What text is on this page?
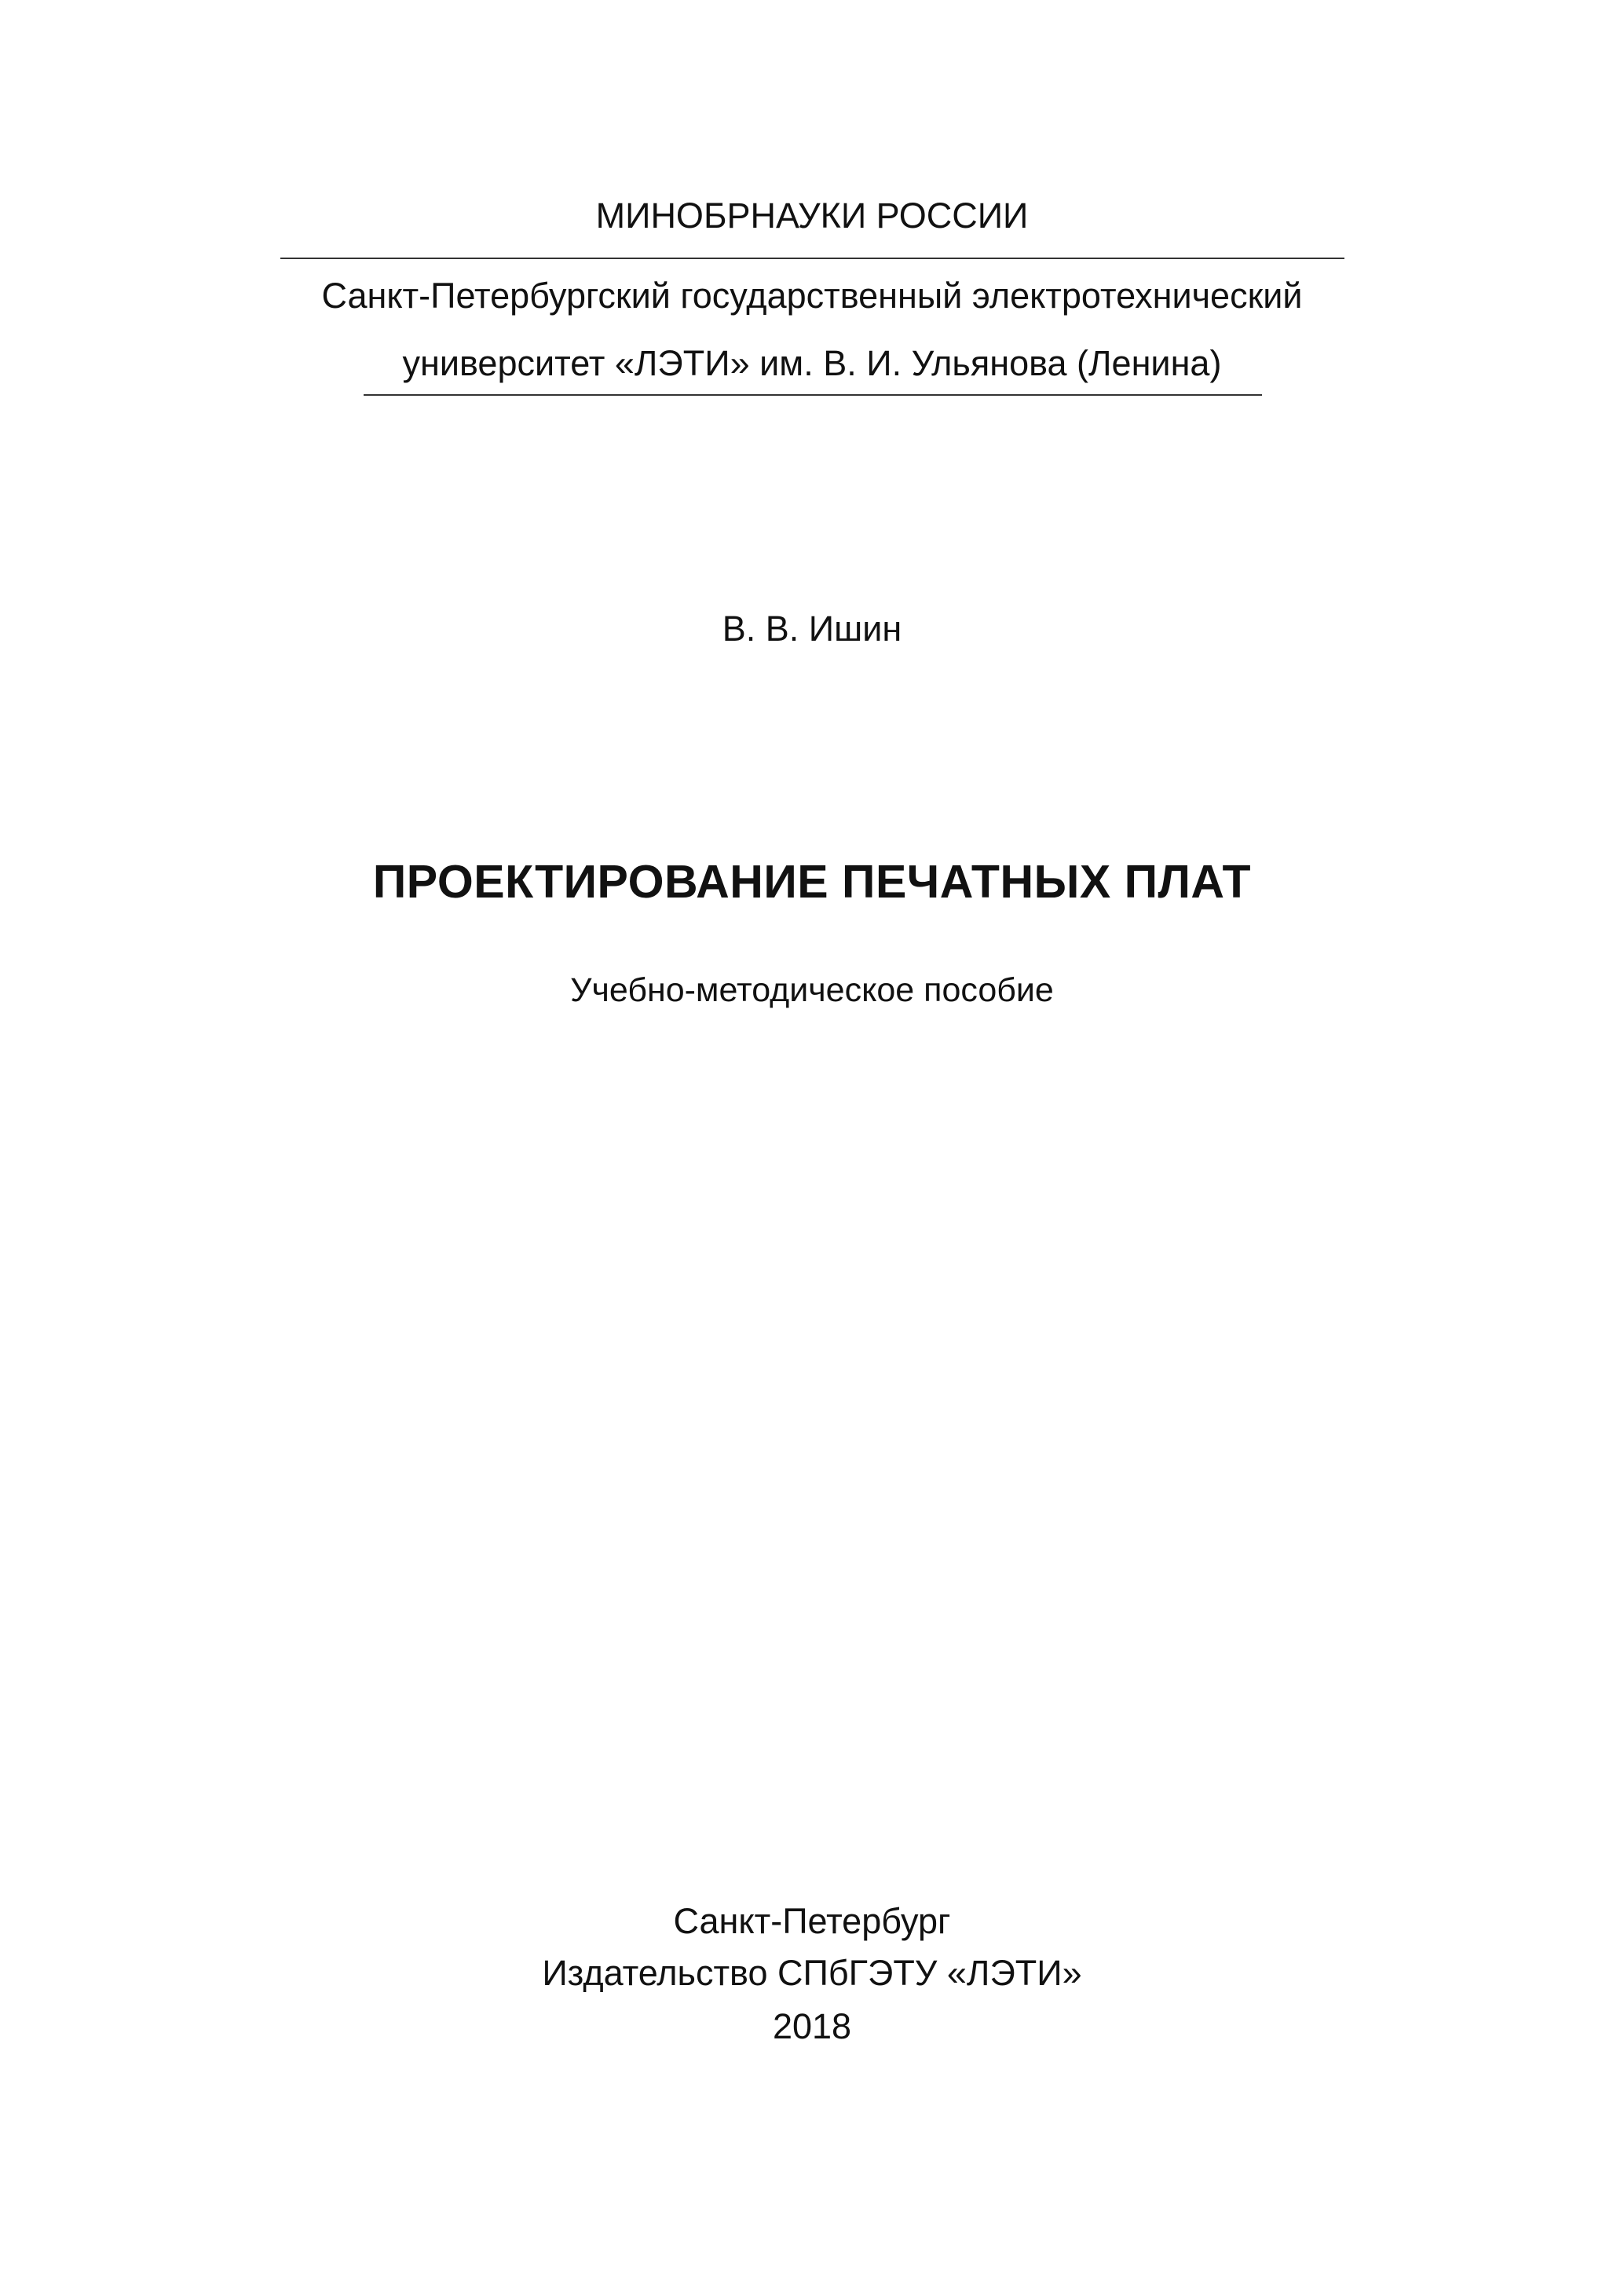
МИНОБРНАУКИ РОССИИ
Санкт-Петербургский государственный электротехнический
университет «ЛЭТИ» им. В. И. Ульянова (Ленина)
В. В. Ишин
ПРОЕКТИРОВАНИЕ ПЕЧАТНЫХ ПЛАТ
Учебно-методическое пособие
Санкт-Петербург
Издательство СПбГЭТУ «ЛЭТИ»
2018
